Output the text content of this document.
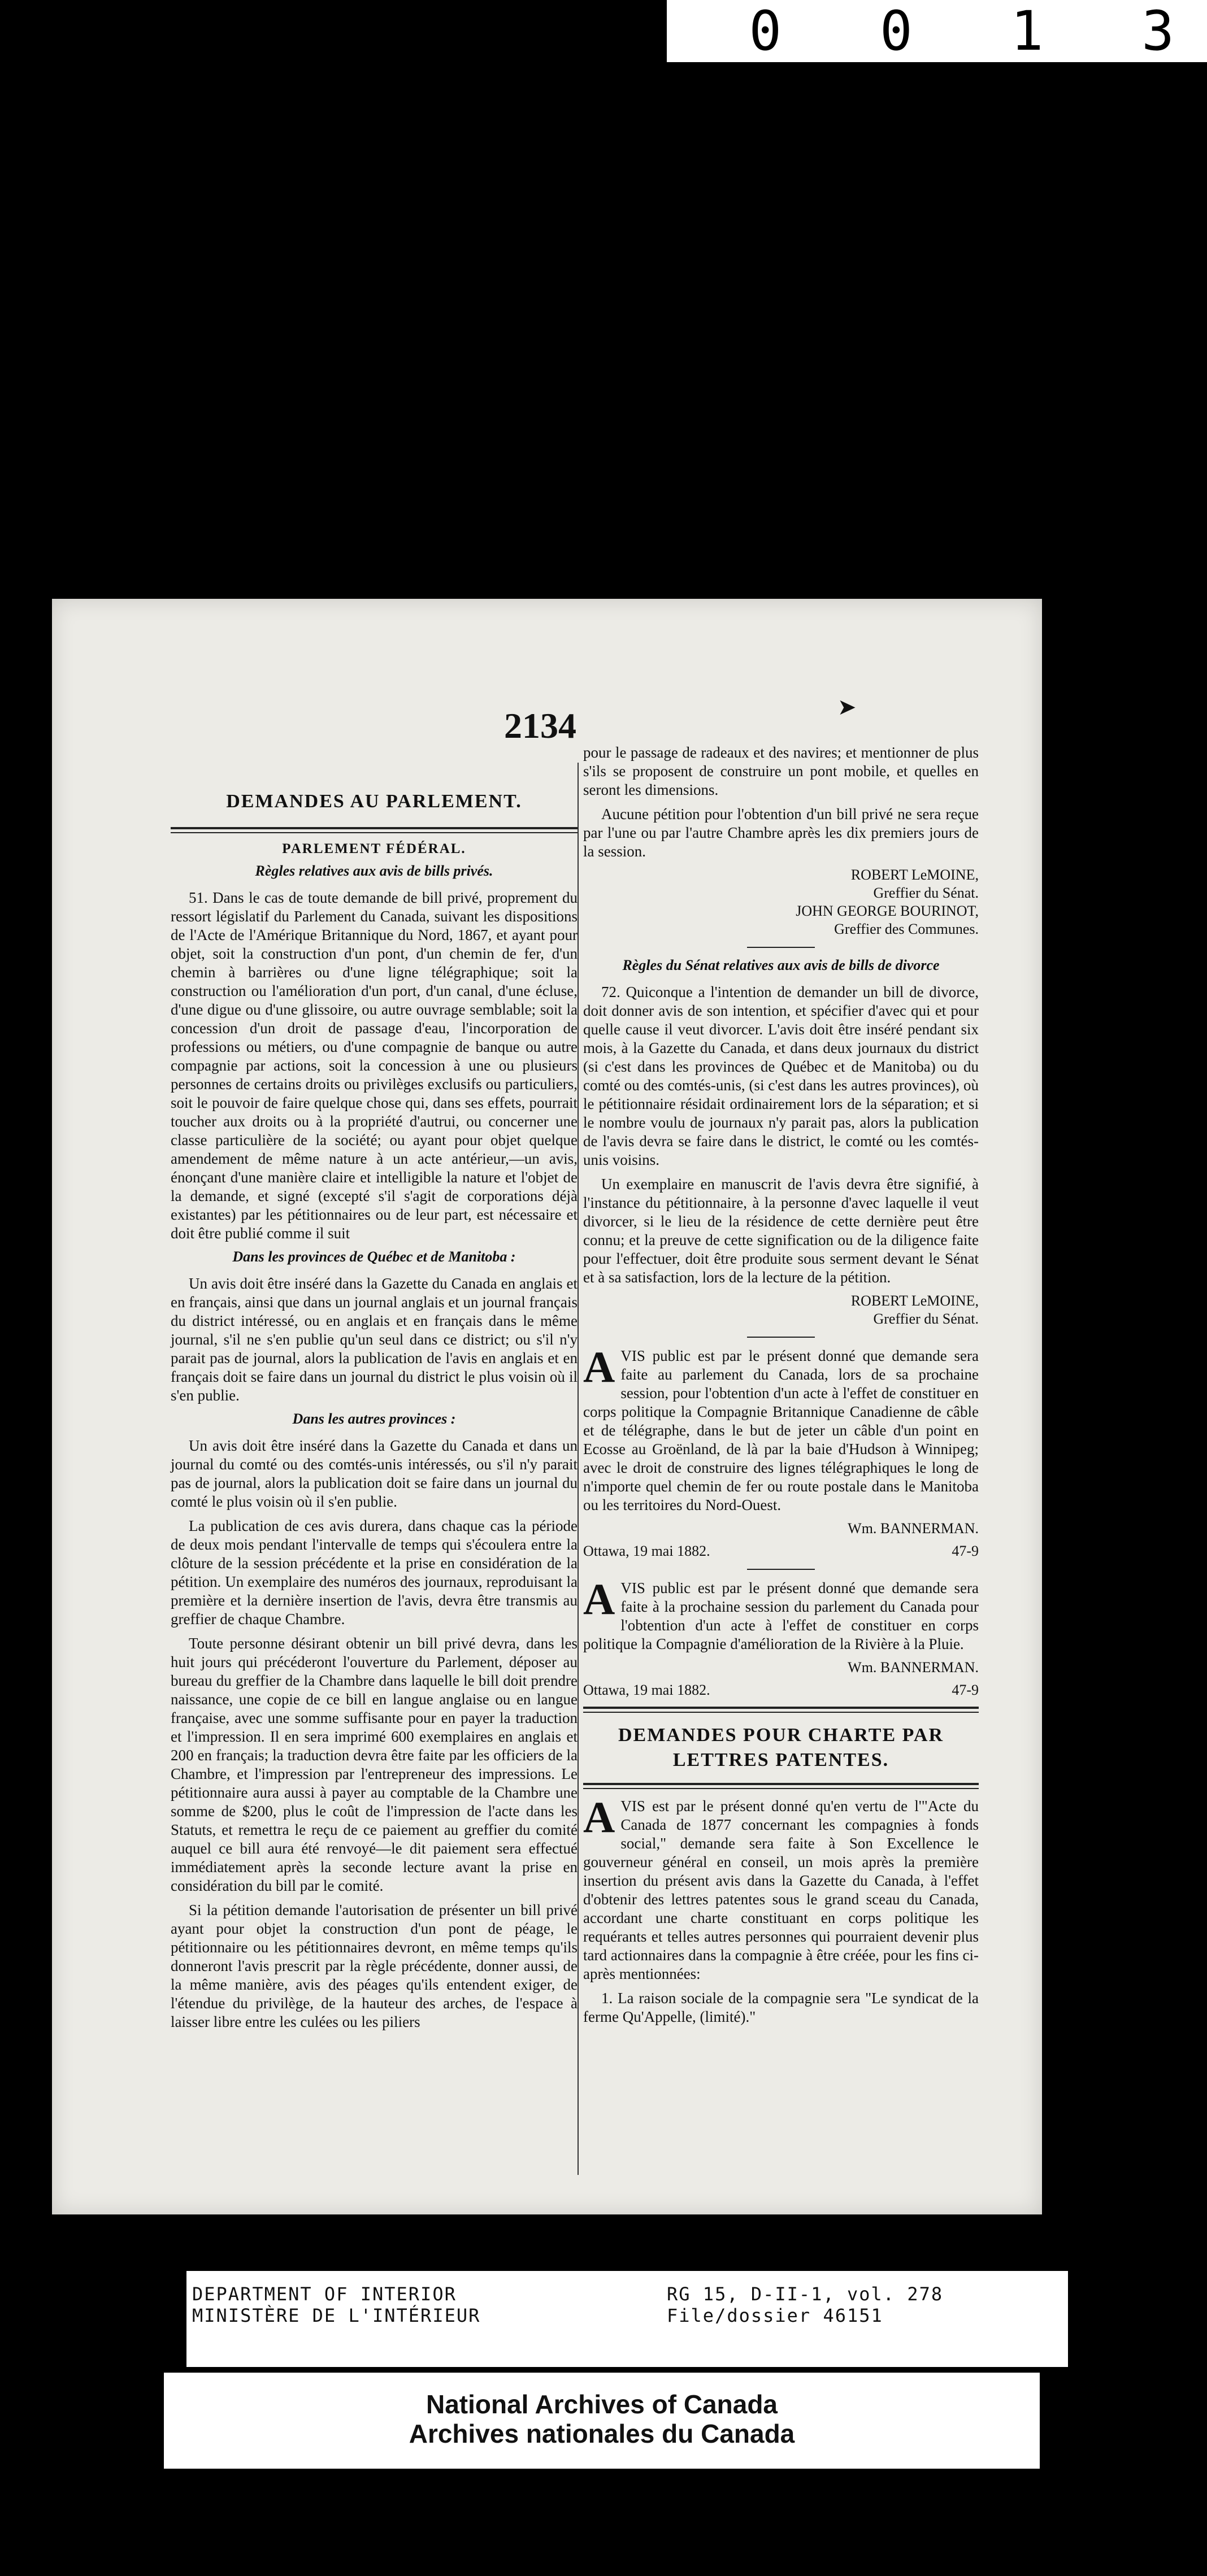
0 0 1 3 1 5
➤
2134
DEMANDES AU PARLEMENT.
PARLEMENT FÉDÉRAL.
Règles relatives aux avis de bills privés.

51. Dans le cas de toute demande de bill privé, proprement du ressort législatif du Parlement du Canada, suivant les dispositions de l'Acte de l'Amérique Britannique du Nord, 1867, et ayant pour objet, soit la construction d'un pont, d'un chemin de fer, d'un chemin à barrières ou d'une ligne télégraphique; soit la construction ou l'amélioration d'un port, d'un canal, d'une écluse, d'une digue ou d'une glissoire, ou autre ouvrage semblable; soit la concession d'un droit de passage d'eau, l'incorporation de professions ou métiers, ou d'une compagnie de banque ou autre compagnie par actions, soit la concession à une ou plusieurs personnes de certains droits ou privilèges exclusifs ou particuliers, soit le pouvoir de faire quelque chose qui, dans ses effets, pourrait toucher aux droits ou à la propriété d'autrui, ou concerner une classe particulière de la société; ou ayant pour objet quelque amendement de même nature à un acte antérieur,—un avis, énonçant d'une manière claire et intelligible la nature et l'objet de la demande, et signé (excepté s'il s'agit de corporations déjà existantes) par les pétitionnaires ou de leur part, est nécessaire et doit être publié comme il suit

Dans les provinces de Québec et de Manitoba :

Un avis doit être inséré dans la Gazette du Canada en anglais et en français, ainsi que dans un journal anglais et un journal français du district intéressé, ou en anglais et en français dans le même journal, s'il ne s'en publie qu'un seul dans ce district; ou s'il n'y parait pas de journal, alors la publication de l'avis en anglais et en français doit se faire dans un journal du district le plus voisin où il s'en publie.

Dans les autres provinces :

Un avis doit être inséré dans la Gazette du Canada et dans un journal du comté ou des comtés-unis intéressés, ou s'il n'y parait pas de journal, alors la publication doit se faire dans un journal du comté le plus voisin où il s'en publie.

La publication de ces avis durera, dans chaque cas la période de deux mois pendant l'intervalle de temps qui s'écoulera entre la clôture de la session précédente et la prise en considération de la pétition. Un exemplaire des numéros des journaux, reproduisant la première et la dernière insertion de l'avis, devra être transmis au greffier de chaque Chambre.

Toute personne désirant obtenir un bill privé devra, dans les huit jours qui précéderont l'ouverture du Parlement, déposer au bureau du greffier de la Chambre dans laquelle le bill doit prendre naissance, une copie de ce bill en langue anglaise ou en langue française, avec une somme suffisante pour en payer la traduction et l'impression. Il en sera imprimé 600 exemplaires en anglais et 200 en français; la traduction devra être faite par les officiers de la Chambre, et l'impression par l'entrepreneur des impressions. Le pétitionnaire aura aussi à payer au comptable de la Chambre une somme de $200, plus le coût de l'impression de l'acte dans les Statuts, et remettra le reçu de ce paiement au greffier du comité auquel ce bill aura été renvoyé—le dit paiement sera effectué immédiatement après la seconde lecture avant la prise en considération du bill par le comité.

Si la pétition demande l'autorisation de présenter un bill privé ayant pour objet la construction d'un pont de péage, le pétitionnaire ou les pétitionnaires devront, en même temps qu'ils donneront l'avis prescrit par la règle précédente, donner aussi, de la même manière, avis des péages qu'ils entendent exiger, de l'étendue du privilège, de la hauteur des arches, de l'espace à laisser libre entre les culées ou les piliers

pour le passage de radeaux et des navires; et mentionner de plus s'ils se proposent de construire un pont mobile, et quelles en seront les dimensions.

Aucune pétition pour l'obtention d'un bill privé ne sera reçue par l'une ou par l'autre Chambre après les dix premiers jours de la session.

ROBERT LeMOINE,
Greffier du Sénat.
JOHN GEORGE BOURINOT,
Greffier des Communes.
Règles du Sénat relatives aux avis de bills de divorce

72. Quiconque a l'intention de demander un bill de divorce, doit donner avis de son intention, et spécifier d'avec qui et pour quelle cause il veut divorcer. L'avis doit être inséré pendant six mois, à la Gazette du Canada, et dans deux journaux du district (si c'est dans les provinces de Québec et de Manitoba) ou du comté ou des comtés-unis, (si c'est dans les autres provinces), où le pétitionnaire résidait ordinairement lors de la séparation; et si le nombre voulu de journaux n'y parait pas, alors la publication de l'avis devra se faire dans le district, le comté ou les comtés-unis voisins.

Un exemplaire en manuscrit de l'avis devra être signifié, à l'instance du pétitionnaire, à la personne d'avec laquelle il veut divorcer, si le lieu de la résidence de cette dernière peut être connu; et la preuve de cette signification ou de la diligence faite pour l'effectuer, doit être produite sous serment devant le Sénat et à sa satisfaction, lors de la lecture de la pétition.

ROBERT LeMOINE,
Greffier du Sénat.

AVIS public est par le présent donné que demande sera faite au parlement du Canada, lors de sa prochaine session, pour l'obtention d'un acte à l'effet de constituer en corps politique la Compagnie Britannique Canadienne de câble et de télégraphe, dans le but de jeter un câble d'un point en Ecosse au Groënland, de là par la baie d'Hudson à Winnipeg; avec le droit de construire des lignes télégraphiques le long de n'importe quel chemin de fer ou route postale dans le Manitoba ou les territoires du Nord-Ouest.

Wm. BANNERMAN.
Ottawa, 19 mai 1882.	47-9

AVIS public est par le présent donné que demande sera faite à la prochaine session du parlement du Canada pour l'obtention d'un acte à l'effet de constituer en corps politique la Compagnie d'amélioration de la Rivière à la Pluie.

Wm. BANNERMAN.
Ottawa, 19 mai 1882.	47-9
DEMANDES POUR CHARTE PAR
LETTRES PATENTES.

AVIS est par le présent donné qu'en vertu de l'"Acte du Canada de 1877 concernant les compagnies à fonds social," demande sera faite à Son Excellence le gouverneur général en conseil, un mois après la première insertion du présent avis dans la Gazette du Canada, à l'effet d'obtenir des lettres patentes sous le grand sceau du Canada, accordant une charte constituant en corps politique les requérants et telles autres personnes qui pourraient devenir plus tard actionnaires dans la compagnie à être créée, pour les fins ci-après mentionnées:

1. La raison sociale de la compagnie sera "Le syndicat de la ferme Qu'Appelle, (limité)."

DEPARTMENT OF INTERIOR
MINISTÈRE DE L'INTÉRIEUR
RG 15, D-II-1, vol. 278
File/dossier 46151
National Archives of Canada
Archives nationales du Canada
